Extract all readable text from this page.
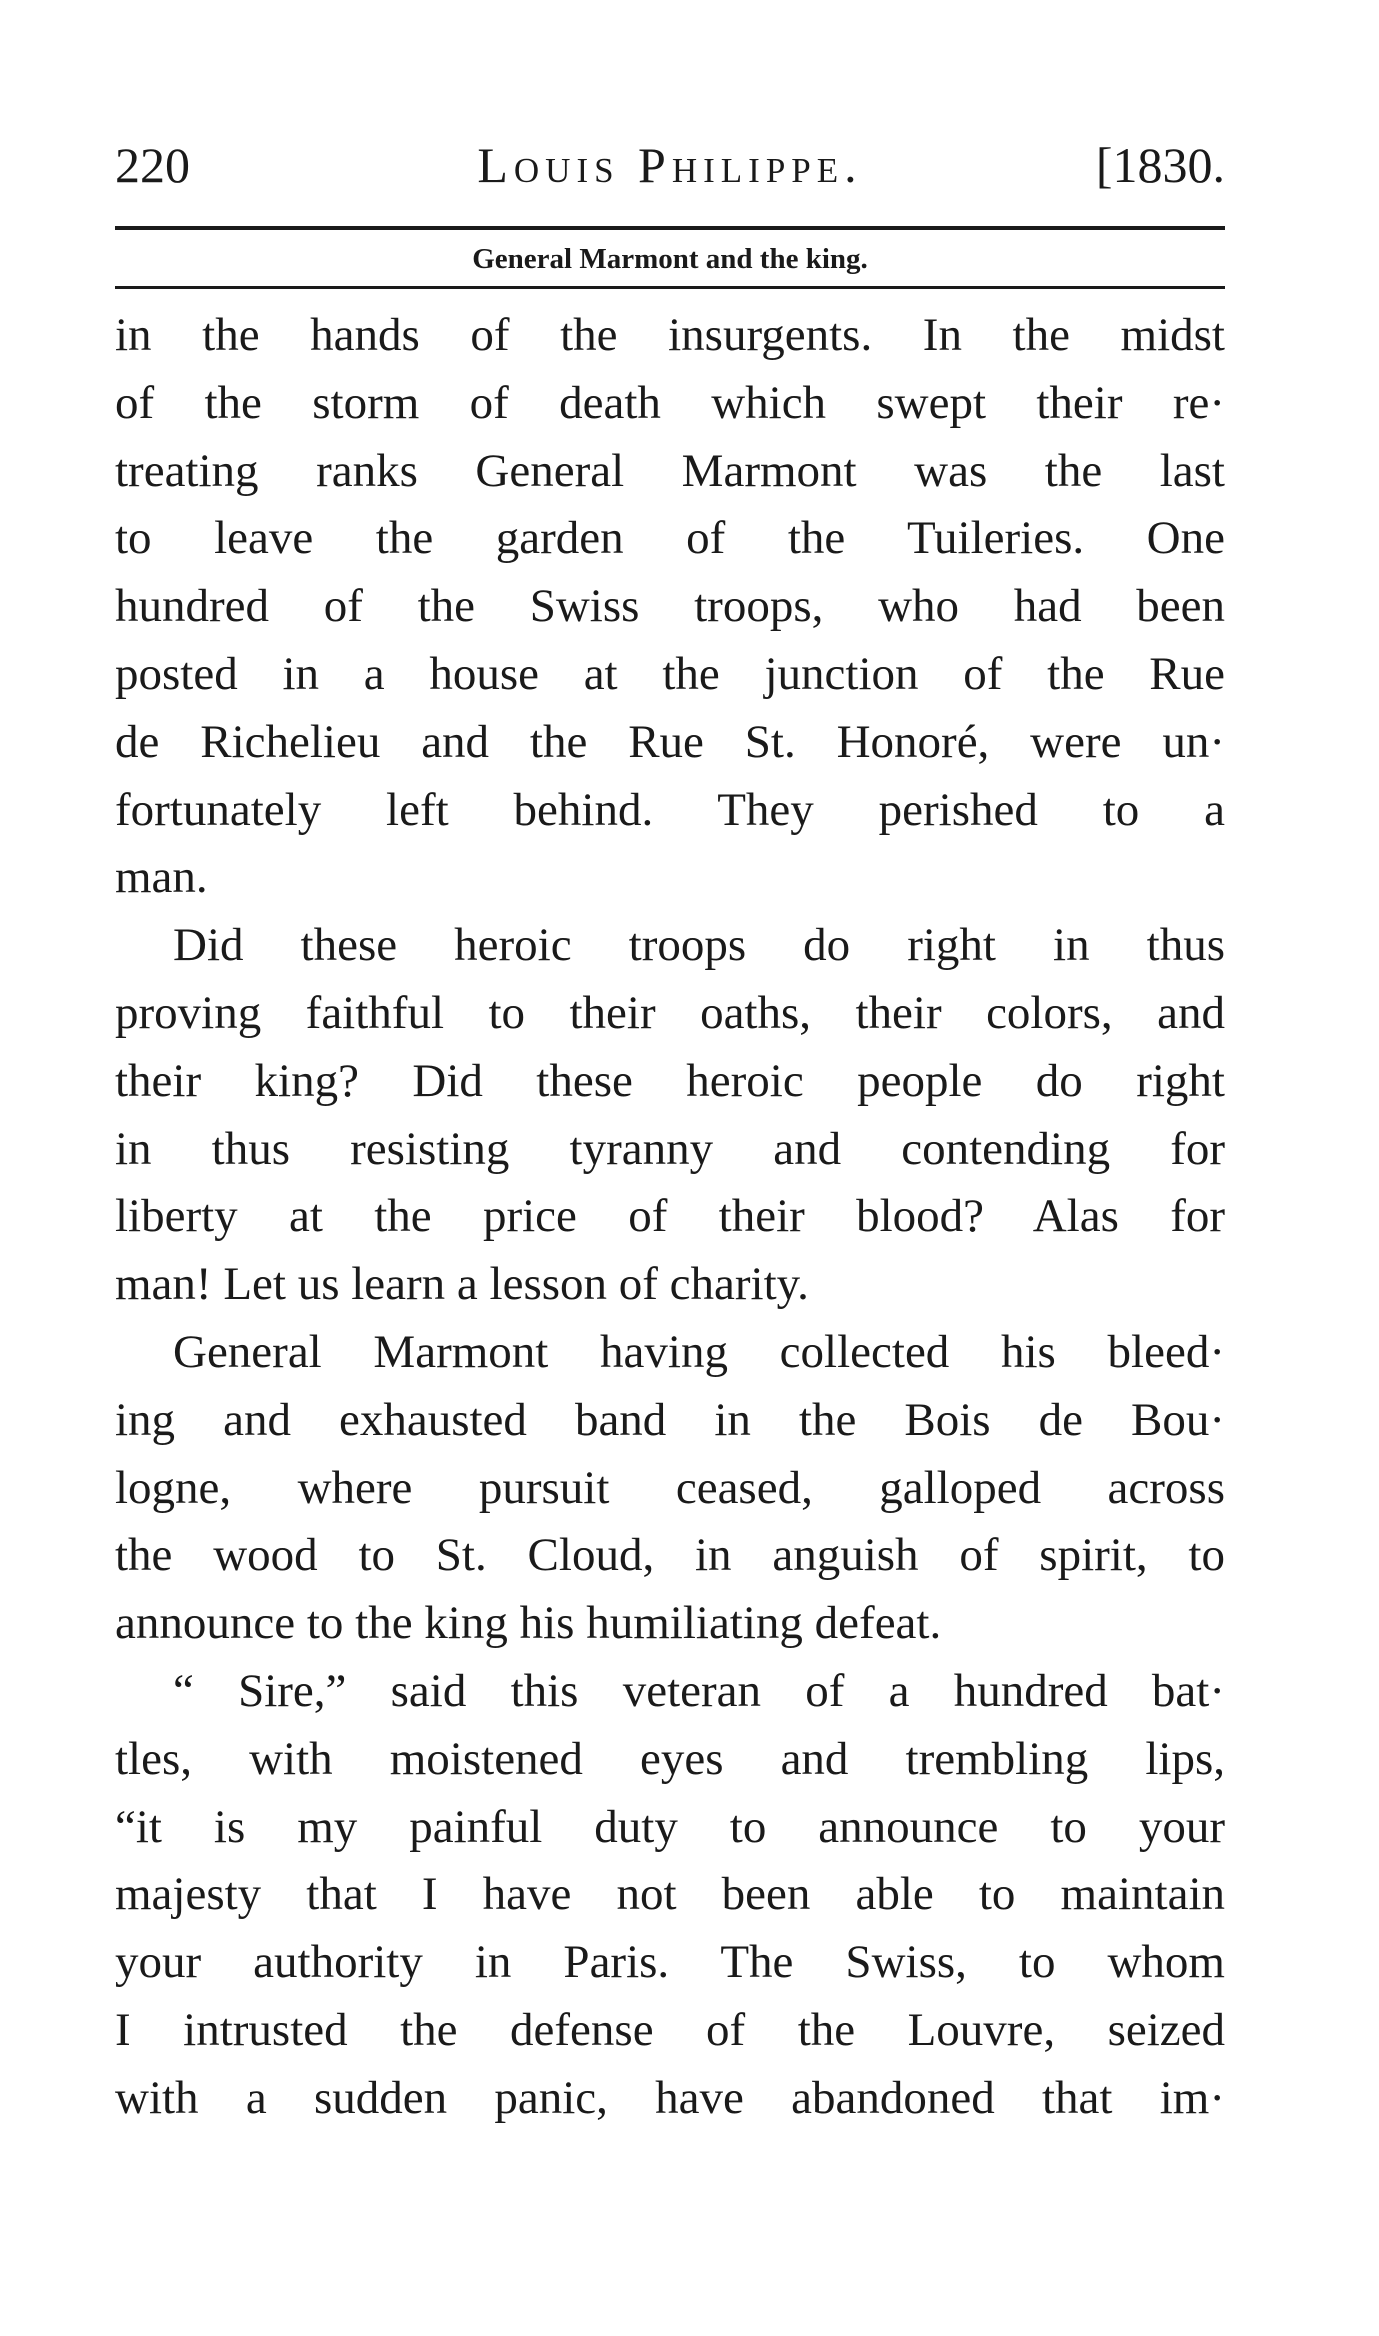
220	Louis Philippe.	[1830.
General Marmont and the king.
in the hands of the insurgents. In the midst
of the storm of death which swept their re·
treating ranks General Marmont was the last
to leave the garden of the Tuileries. One
hundred of the Swiss troops, who had been
posted in a house at the junction of the Rue
de Richelieu and the Rue St. Honoré, were un·
fortunately left behind. They perished to a
man.
Did these heroic troops do right in thus
proving faithful to their oaths, their colors, and
their king? Did these heroic people do right
in thus resisting tyranny and contending for
liberty at the price of their blood? Alas for
man! Let us learn a lesson of charity.
General Marmont having collected his bleed·
ing and exhausted band in the Bois de Bou·
logne, where pursuit ceased, galloped across
the wood to St. Cloud, in anguish of spirit, to
announce to the king his humiliating defeat.
“ Sire,” said this veteran of a hundred bat·
tles, with moistened eyes and trembling lips,
“it is my painful duty to announce to your
majesty that I have not been able to maintain
your authority in Paris. The Swiss, to whom
I intrusted the defense of the Louvre, seized
with a sudden panic, have abandoned that im·
